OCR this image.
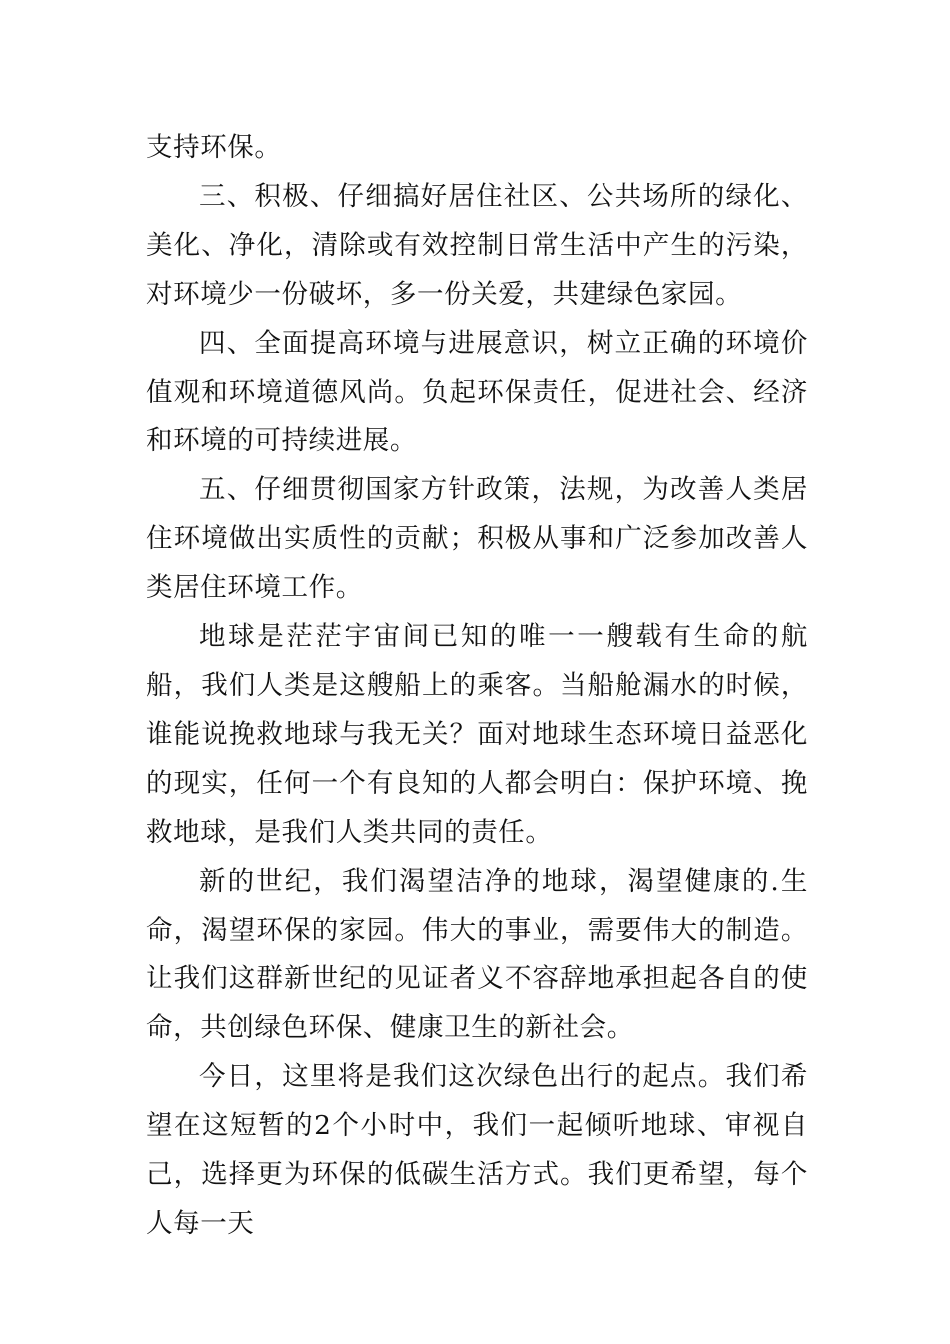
支持环保。

三、积极、仔细搞好居住社区、公共场所的绿化、美化、净化，清除或有效控制日常生活中产生的污染，对环境少一份破坏，多一份关爱，共建绿色家园。

四、全面提高环境与进展意识，树立正确的环境价值观和环境道德风尚。负起环保责任，促进社会、经济和环境的可持续进展。

五、仔细贯彻国家方针政策，法规，为改善人类居住环境做出实质性的贡献；积极从事和广泛参加改善人类居住环境工作。

地球是茫茫宇宙间已知的唯一一艘载有生命的航船，我们人类是这艘船上的乘客。当船舱漏水的时候，谁能说挽救地球与我无关？面对地球生态环境日益恶化的现实，任何一个有良知的人都会明白：保护环境、挽救地球，是我们人类共同的责任。

新的世纪，我们渴望洁净的地球，渴望健康的.生命，渴望环保的家园。伟大的事业，需要伟大的制造。让我们这群新世纪的见证者义不容辞地承担起各自的使命，共创绿色环保、健康卫生的新社会。

今日，这里将是我们这次绿色出行的起点。我们希望在这短暂的2个小时中，我们一起倾听地球、审视自己，选择更为环保的低碳生活方式。我们更希望，每个人每一天
